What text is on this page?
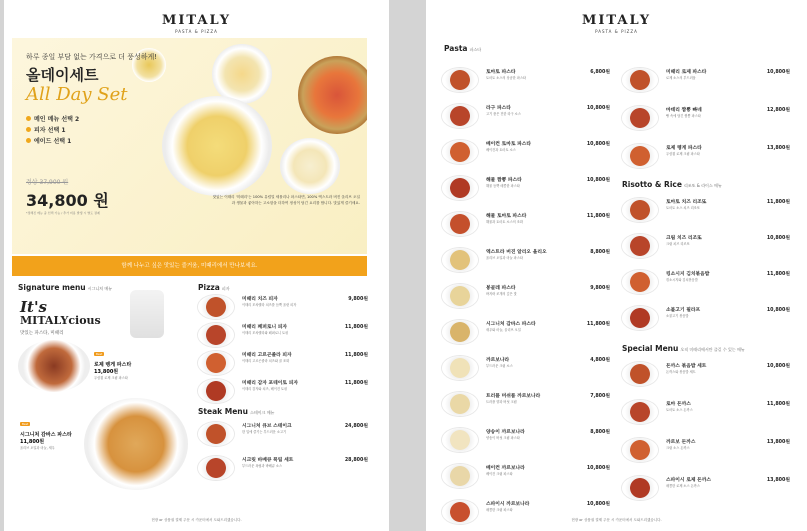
MITALY
PASTA & PIZZA
하루 종일 부담 없는 가격으로 더 풍성하게!
올데이세트
All Day Set
메인 메뉴 선택 2
피자 선택 1
에이드 선택 1
정상 37,900 원
34,800 원
*정해진 메뉴 중 선택 가능 / 추가 비용 발생 시 별도 결제
맛있는 이태리 '미떼리'는 100% 유럽밀 세몰리나 파스타면, 100% 엑스트라 버진 올리브 오일과 생물과 좋아하는 고소함을 더하여 정성이 담긴 요리를 합니다. 맛있게 즐기세요.
함께 나누고 싶은 맛있는 즐거움, 미때리에서 만나보세요.
Signature menu 시그니처 메뉴
It's
MITALYcious
맛있는 파스타, 미때리
Best
로제 렝게 파스타
13,800원
우삼겹 로제 크림 파스타
Best
시그니처 감바스 파스타
11,800원
올리브 오일과 마늘, 새우
Pizza 피자
미때리 치즈 피자	9,800원
이태리 모차렐라 치즈를 듬뿍 올린 피자
미때리 페퍼로니 피자	11,800원
이태리 모차렐라와 페퍼로니 토핑
미때리 고르곤졸라 피자	11,800원
이태리 고르곤졸라 치즈와 꿀 조화
미때리 감자 포테이토 피자	11,800원
이태리 감자와 치즈, 베이컨 토핑
Steak Menu 스테이크 메뉴
시그니처 큐브 스테이크	24,800원
한 입에 즐기는 부드러운 소고기
시크릿 바베큐 폭립 세트	28,800원
부드러운 폭립과 바베큐 소스
현장 or 상품권 결제 주문 시 카운터에서 도와드리겠습니다.
MITALY
PASTA & PIZZA
Pasta 파스타
토마토 파스타	6,800원
토마토 소스의 상큼한 파스타
라구 파스타	10,800원
고기 품은 진한 라구 소스
베이컨 토마토 파스타	10,800원
베이컨과 토마토 소스
해물 짬뽕 파스타	10,800원
해물 듬뿍 매콤한 파스타
해물 토마토 파스타	11,800원
해물과 토마토 소스의 조화
엑스트라 버진 알리오 올리오	8,800원
올리브 오일과 마늘 파스타
봉골레 파스타	9,800원
바지락 조개의 깊은 맛
시그니처 감바스 파스타	11,800원
새우와 마늘, 올리브 오일
까르보나라	4,800원
부드러운 크림 소스
트러플 머쉬룸 까르보나라	7,800원
트러플 향과 버섯 크림
양송이 까르보나라	8,800원
양송이 버섯 크림 파스타
베이컨 까르보나라	10,800원
베이컨 크림 파스타
스파이시 까르보나라	10,800원
매콤한 크림 파스타
미때리 로제 파스타	10,800원
로제 소스의 부드러움
마데리 짬뽕 빠네	12,800원
빵 속에 담긴 짬뽕 파스타
로제 렝게 파스타	13,800원
우삼겹 로제 크림 파스타
Risotto & Rice 리조또 & 라이스 메뉴
토마토 치즈 리조또	11,800원
토마토 소스 치즈 리조또
크림 치즈 리조또	10,800원
크림 치즈 리조또
킹소시지 김치볶음밥	11,800원
킹소시지와 김치볶음밥
소불고기 필라프	10,800원
소불고기 볶음밥
Special Menu 오직 미때리에서만 즐길 수 있는 메뉴
돈까스 볶음밥 세트	10,800원
돈까스와 볶음밥 세트
로마 돈까스	11,800원
토마토 소스 돈까스
까르보 돈까스	13,800원
크림 소스 돈까스
스파이시 로제 돈까스	13,800원
매콤한 로제 소스 돈까스
현장 or 상품권 결제 주문 시 카운터에서 도와드리겠습니다.
